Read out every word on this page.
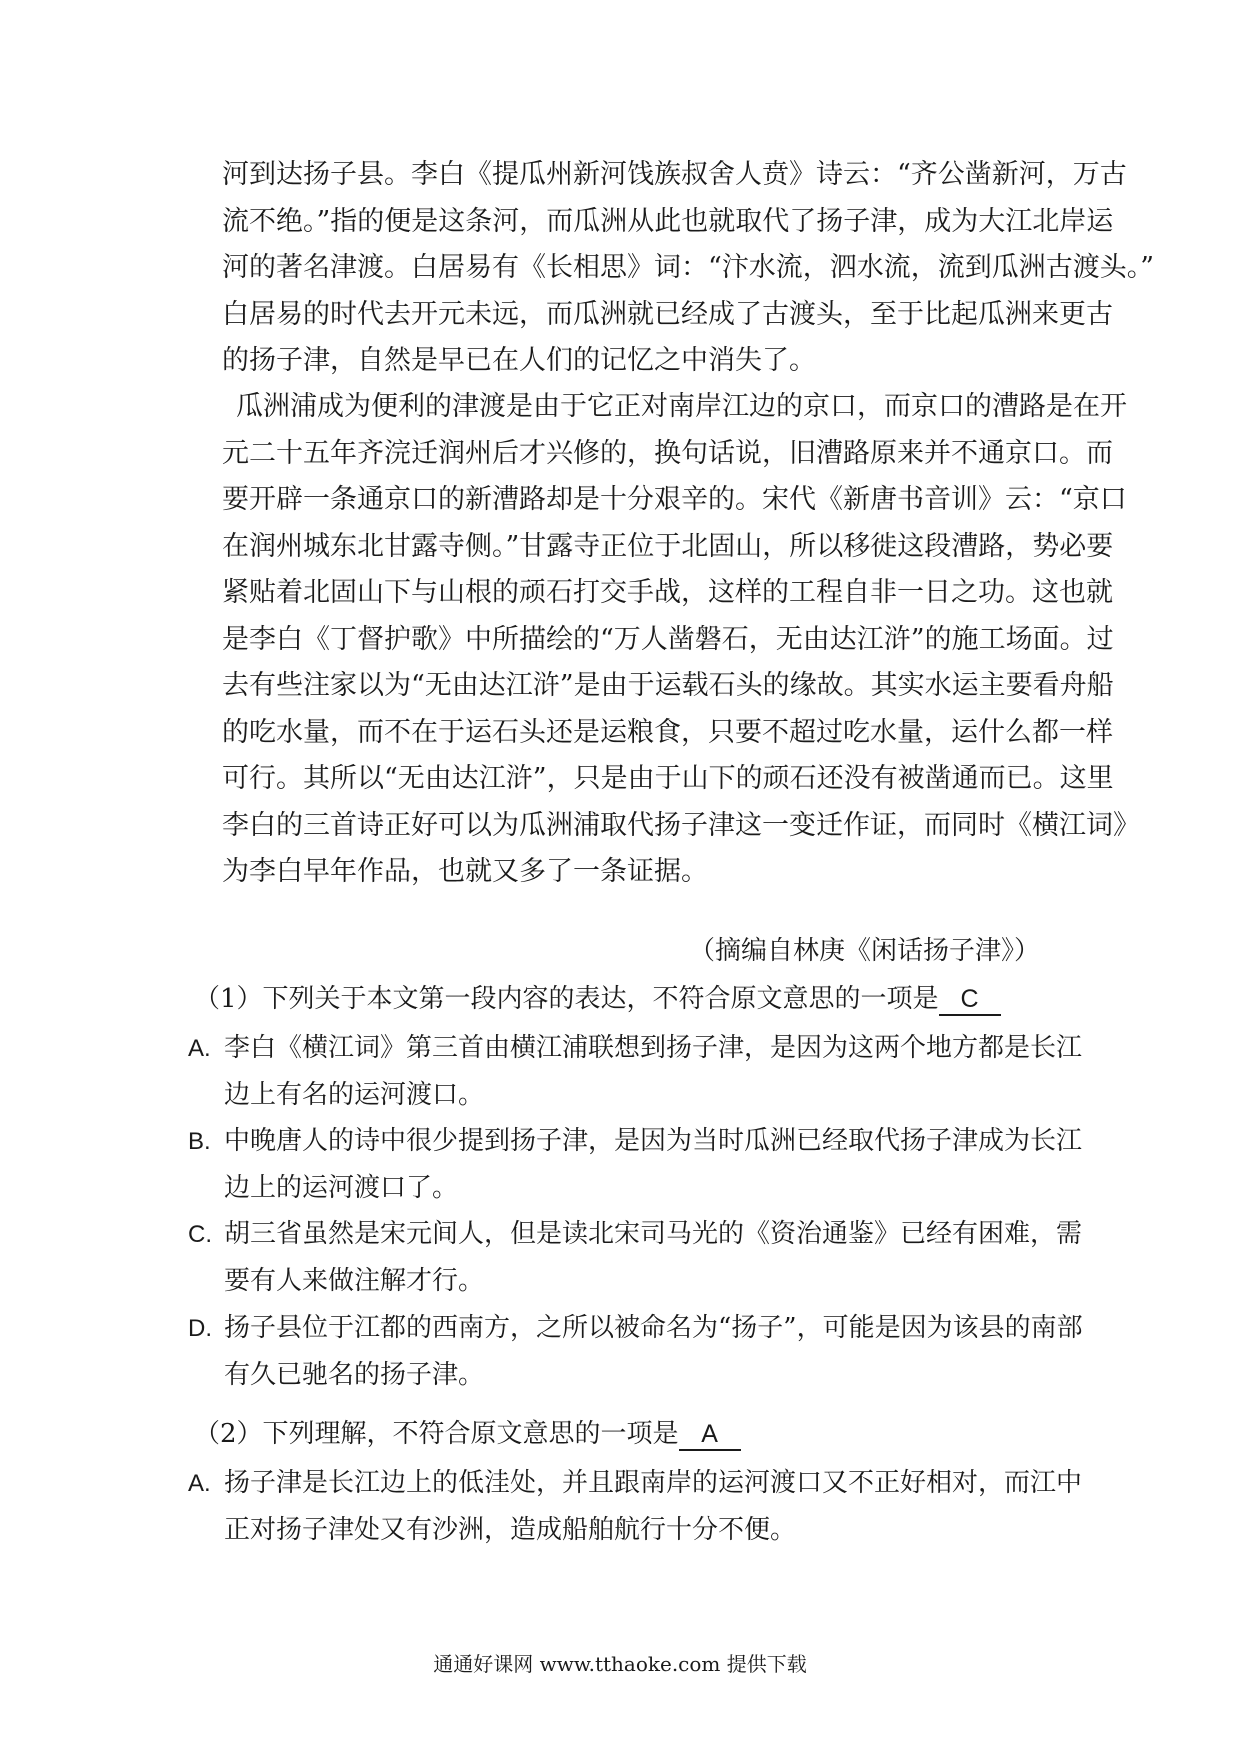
河到达扬子县。李白《提瓜州新河饯族叔舍人贲》诗云：“齐公凿新河，万古
流不绝。”指的便是这条河，而瓜洲从此也就取代了扬子津，成为大江北岸运
河的著名津渡。白居易有《长相思》词：“汴水流，泗水流，流到瓜洲古渡头。”
白居易的时代去开元未远，而瓜洲就已经成了古渡头，至于比起瓜洲来更古
的扬子津，自然是早已在人们的记忆之中消失了。
瓜洲浦成为便利的津渡是由于它正对南岸江边的京口，而京口的漕路是在开
元二十五年齐浣迁润州后才兴修的，换句话说，旧漕路原来并不通京口。而
要开辟一条通京口的新漕路却是十分艰辛的。宋代《新唐书音训》云：“京口
在润州城东北甘露寺侧。”甘露寺正位于北固山，所以移徙这段漕路，势必要
紧贴着北固山下与山根的顽石打交手战，这样的工程自非一日之功。这也就
是李白《丁督护歌》中所描绘的“万人凿磐石，无由达江浒”的施工场面。过
去有些注家以为“无由达江浒”是由于运载石头的缘故。其实水运主要看舟船
的吃水量，而不在于运石头还是运粮食，只要不超过吃水量，运什么都一样
可行。其所以“无由达江浒”，只是由于山下的顽石还没有被凿通而已。这里
李白的三首诗正好可以为瓜洲浦取代扬子津这一变迁作证，而同时《横江词》
为李白早年作品，也就又多了一条证据。
（摘编自林庚《闲话扬子津》）
（1）下列关于本文第一段内容的表达，不符合原文意思的一项是 C
A. 李白《横江词》第三首由横江浦联想到扬子津，是因为这两个地方都是长江
边上有名的运河渡口。
B. 中晚唐人的诗中很少提到扬子津，是因为当时瓜洲已经取代扬子津成为长江
边上的运河渡口了。
C. 胡三省虽然是宋元间人，但是读北宋司马光的《资治通鉴》已经有困难，需
要有人来做注解才行。
D. 扬子县位于江都的西南方，之所以被命名为“扬子”，可能是因为该县的南部
有久已驰名的扬子津。
（2）下列理解，不符合原文意思的一项是 A
A. 扬子津是长江边上的低洼处，并且跟南岸的运河渡口又不正好相对，而江中
正对扬子津处又有沙洲，造成船舶航行十分不便。
通通好课网 www.tthaoke.com 提供下载
